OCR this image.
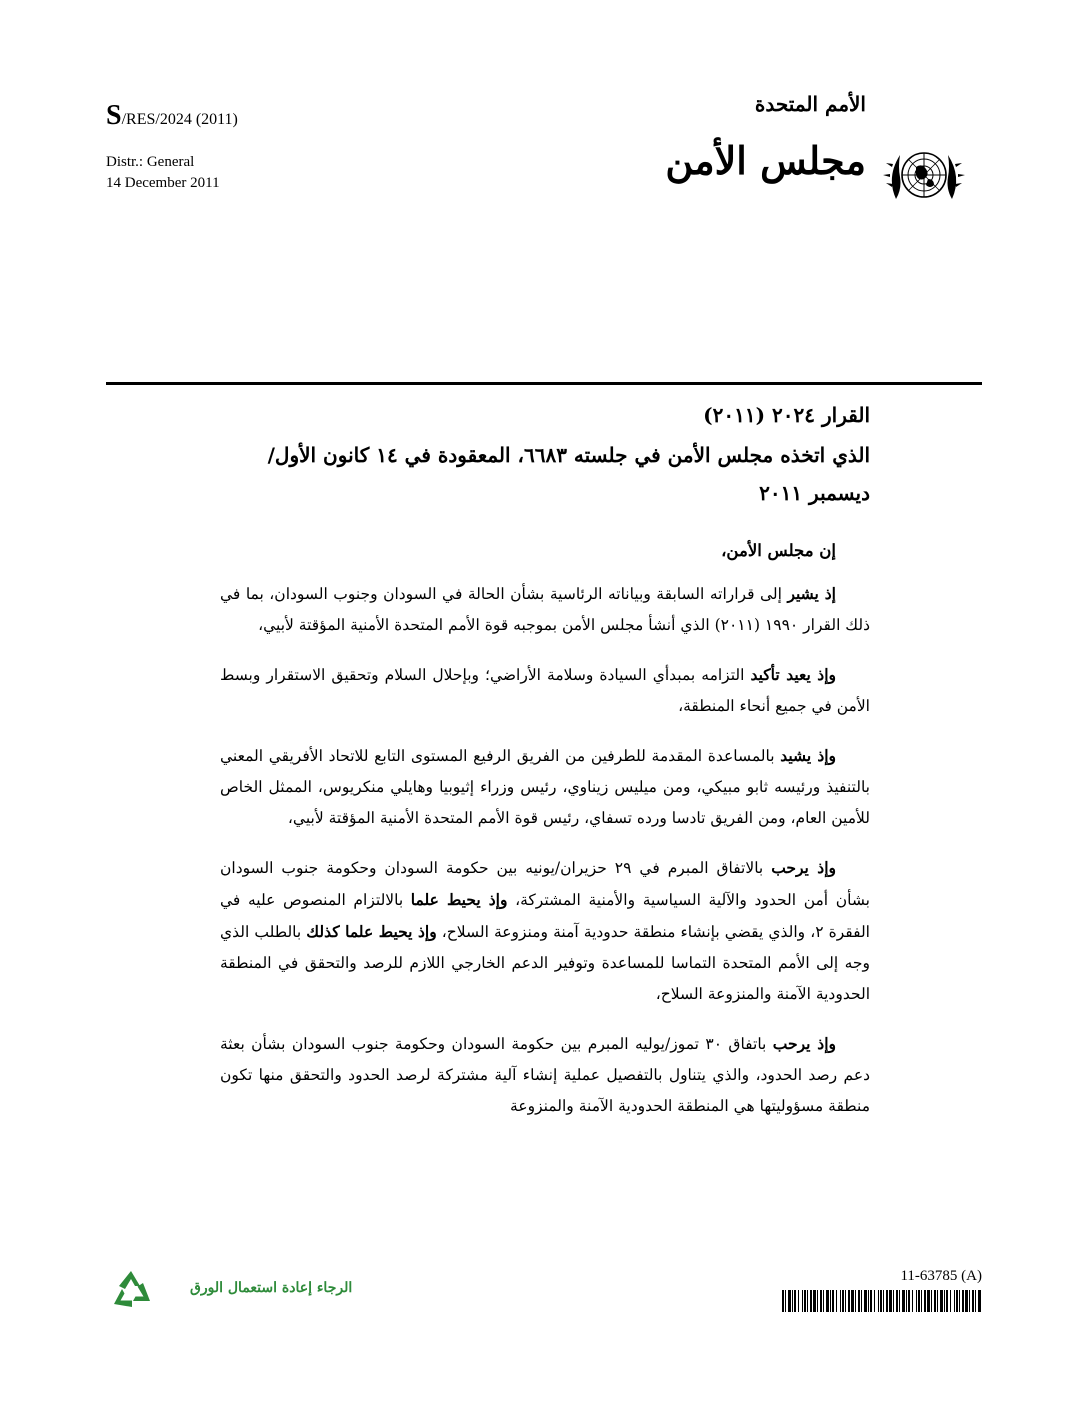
S/RES/2024 (2011)
Distr.: General
14 December 2011
الأمم المتحدة
مجلس الأمن
القرار ٢٠٢٤ (٢٠١١)
الذي اتخذه مجلس الأمن في جلسته ٦٦٨٣، المعقودة في ١٤ كانون الأول/ ديسمبر ٢٠١١
إن مجلس الأمن،

إذ يشير إلى قراراته السابقة وبياناته الرئاسية بشأن الحالة في السودان وجنوب السودان، بما في ذلك القرار ١٩٩٠ (٢٠١١) الذي أنشأ مجلس الأمن بموجبه قوة الأمم المتحدة الأمنية المؤقتة لأبيي،

وإذ يعيد تأكيد التزامه بمبدأي السيادة وسلامة الأراضي؛ وبإحلال السلام وتحقيق الاستقرار وبسط الأمن في جميع أنحاء المنطقة،

وإذ يشيد بالمساعدة المقدمة للطرفين من الفريق الرفيع المستوى التابع للاتحاد الأفريقي المعني بالتنفيذ ورئيسه ثابو مبيكي، ومن ميليس زيناوي، رئيس وزراء إثيوبيا وهايلي منكريوس، الممثل الخاص للأمين العام، ومن الفريق تادسا ورده تسفاي، رئيس قوة الأمم المتحدة الأمنية المؤقتة لأبيي،

وإذ يرحب بالاتفاق المبرم في ٢٩ حزيران/يونيه بين حكومة السودان وحكومة جنوب السودان بشأن أمن الحدود والآلية السياسية والأمنية المشتركة، وإذ يحيط علما بالالتزام المنصوص عليه في الفقرة ٢، والذي يقضي بإنشاء منطقة حدودية آمنة ومنزوعة السلاح، وإذ يحيط علما كذلك بالطلب الذي وجه إلى الأمم المتحدة التماسا للمساعدة وتوفير الدعم الخارجي اللازم للرصد والتحقق في المنطقة الحدودية الآمنة والمنزوعة السلاح،

وإذ يرحب باتفاق ٣٠ تموز/يوليه المبرم بين حكومة السودان وحكومة جنوب السودان بشأن بعثة دعم رصد الحدود، والذي يتناول بالتفصيل عملية إنشاء آلية مشتركة لرصد الحدود والتحقق منها تكون منطقة مسؤوليتها هي المنطقة الحدودية الآمنة والمنزوعة

الرجاء إعادة استعمال الورق
11-63785 (A)
